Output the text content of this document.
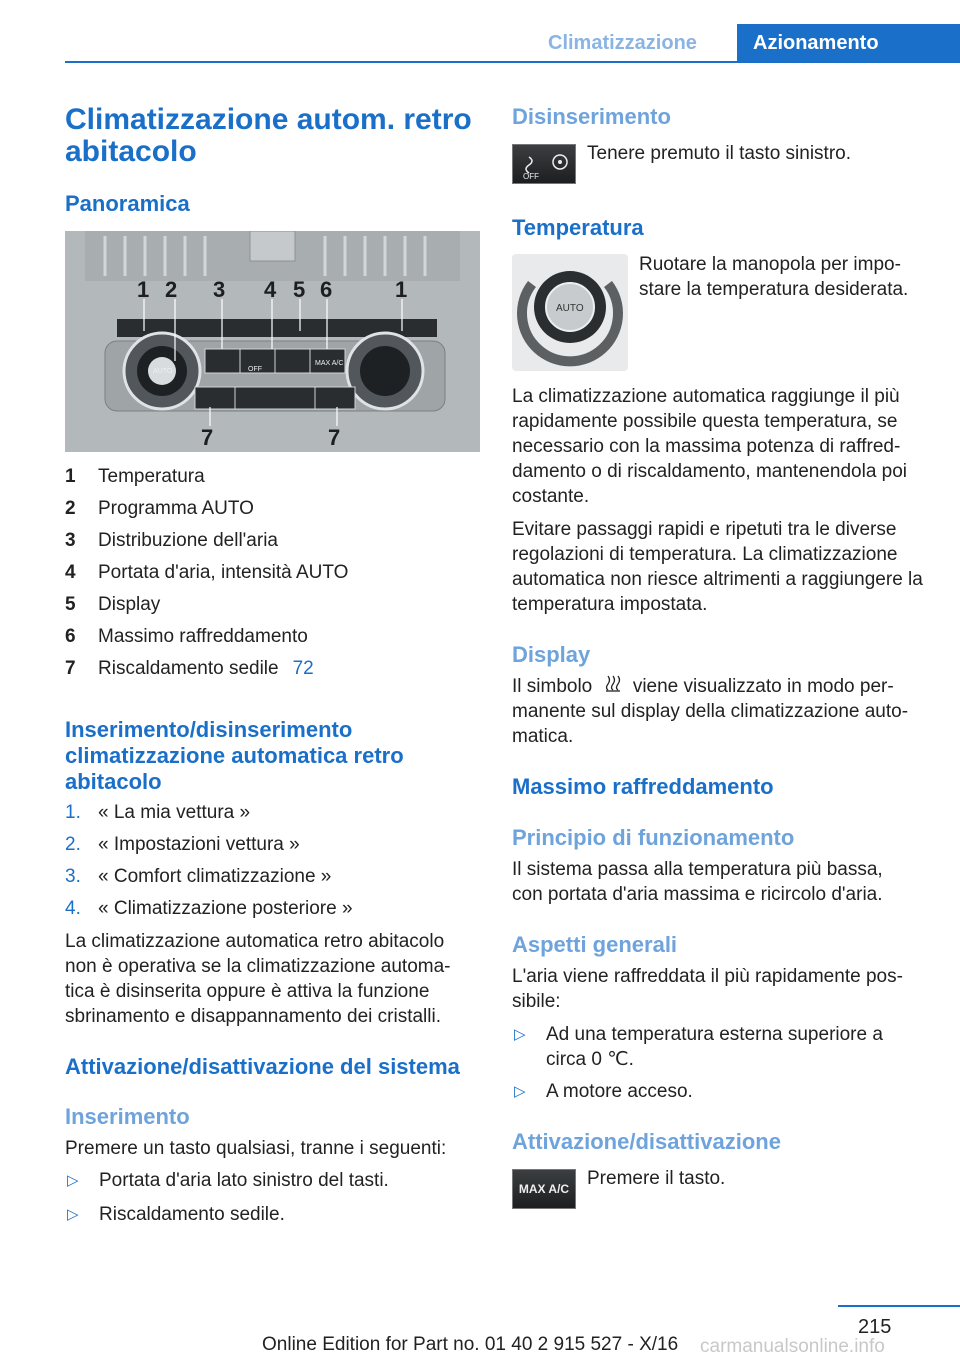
Climatizzazione	Azionamento
Climatizzazione autom. retro abitacolo
Panoramica
1 2 3 4 5 6	1
7	7
AUTO	OFF
MAX A/C
1 Temperatura
2 Programma AUTO
3 Distribuzione dell'aria
4 Portata d'aria, intensità AUTO
5 Display
6 Massimo raffreddamento
7 Riscaldamento sedile 72
Inserimento/disinserimento climatizzazione automatica retro abitacolo
1. « La mia vettura »
2. « Impostazioni vettura »
3. « Comfort climatizzazione »
4. « Climatizzazione posteriore »

La climatizzazione automatica retro abitacolo non è operativa se la climatizzazione automa-tica è disinserita oppure è attiva la funzione sbrinamento e disappannamento dei cristalli.

Attivazione/disattivazione del sistema
Inserimento

Premere un tasto qualsiasi, tranne i seguenti:

▷ Portata d'aria lato sinistro del tasti.
▷ Riscaldamento sedile.
Disinserimento
OFF

Tenere premuto il tasto sinistro.

Temperatura
AUTO

Ruotare la manopola per impo-stare la temperatura desiderata.

La climatizzazione automatica raggiunge il più rapidamente possibile questa temperatura, se necessario con la massima potenza di raffred-damento o di riscaldamento, mantenendola poi costante.

Evitare passaggi rapidi e ripetuti tra le diverse regolazioni di temperatura. La climatizzazione automatica non riesce altrimenti a raggiungere la temperatura impostata.

Display

Il simbolo viene visualizzato in modo per- manente sul display della climatizzazione auto-matica.

Massimo raffreddamento
Principio di funzionamento

Il sistema passa alla temperatura più bassa, con portata d'aria massima e ricircolo d'aria.

Aspetti generali

L'aria viene raffreddata il più rapidamente pos-sibile:

▷ Ad una temperatura esterna superiore a circa 0 ℃.
▷ A motore acceso.
Attivazione/disattivazione
MAX A/C Premere il tasto.

215
Online Edition for Part no. 01 40 2 915 527 - X/16 carmanualsonline.info
